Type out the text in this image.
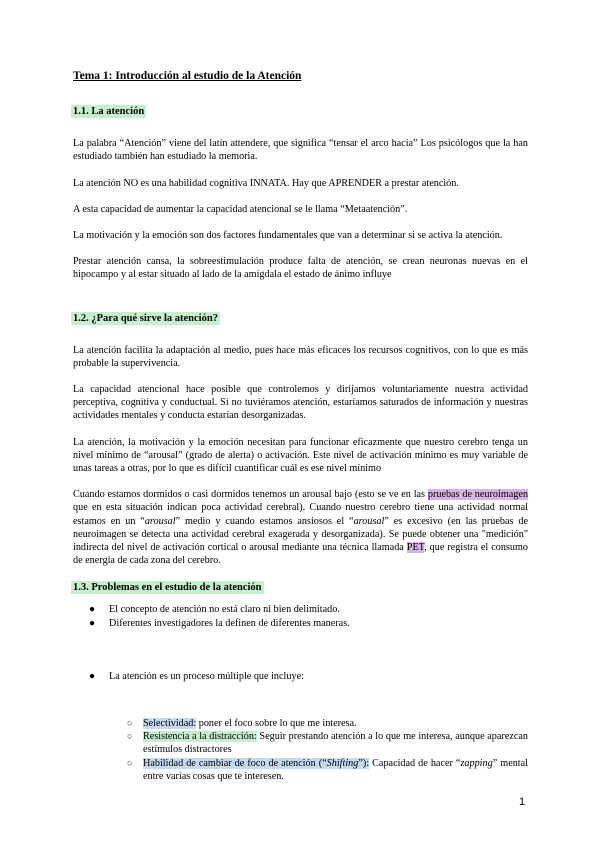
Tema 1: Introducción al estudio de la Atención

1.1. La atención

La palabra “Atención” viene del latín attendere, que significa “tensar el arco hacia” Los psicólogos que la han estudiado también han estudiado la memoria.

La atención NO es una habilidad cognitiva INNATA. Hay que APRENDER a prestar atención.

A esta capacidad de aumentar la capacidad atencional se le llama “Metaatención”.

La motivación y la emoción son dos factores fundamentales que van a determinar si se activa la atención.

Prestar atención cansa, la sobreestimulación produce falta de atención, se crean neuronas nuevas en el hipocampo y al estar situado al lado de la amígdala el estado de ánimo influye

1.2. ¿Para qué sirve la atención?

La atención facilita la adaptación al medio, pues hace más eficaces los recursos cognitivos, con lo que es más probable la supervivencia.

La capacidad atencional hace posible que controlemos y dirijamos voluntariamente nuestra actividad perceptiva, cognitiva y conductual. Si no tuviéramos atención, estaríamos saturados de información y nuestras actividades mentales y conducta estarían desorganizadas.

La atención, la motivación y la emoción necesitan para funcionar eficazmente que nuestro cerebro tenga un nivel mínimo de “arousal” (grado de alerta) o activación. Este nivel de activación mínimo es muy variable de unas tareas a otras, por lo que es difícil cuantificar cuál es ese nivel mínimo

Cuando estamos dormidos o casi dormidos tenemos un arousal bajo (esto se ve en las pruebas de neuroimagen que en esta situación indican poca actividad cerebral). Cuando nuestro cerebro tiene una actividad normal estamos en un “arousal” medio y cuando estamos ansiosos el “arousal” es excesivo (en las pruebas de neuroimagen se detecta una actividad cerebral exagerada y desorganizada). Se puede obtener una "medición" indirecta del nivel de activación cortical o arousal mediante una técnica llamada PET, que registra el consumo de energía de cada zona del cerebro.

1.3. Problemas en el estudio de la atención
● El concepto de atención no está claro ni bien delimitado.
● Diferentes investigadores la definen de diferentes maneras.
● La atención es un proceso múltiple que incluye:
○ Selectividad: poner el foco sobre lo que me interesa.
○ Resistencia a la distracción: Seguir prestando atención a lo que me interesa, aunque aparezcan estímulos distractores
○ Habilidad de cambiar de foco de atención (“Shifting”): Capacidad de hacer “zapping” mental entre varias cosas que te interesen.
1
